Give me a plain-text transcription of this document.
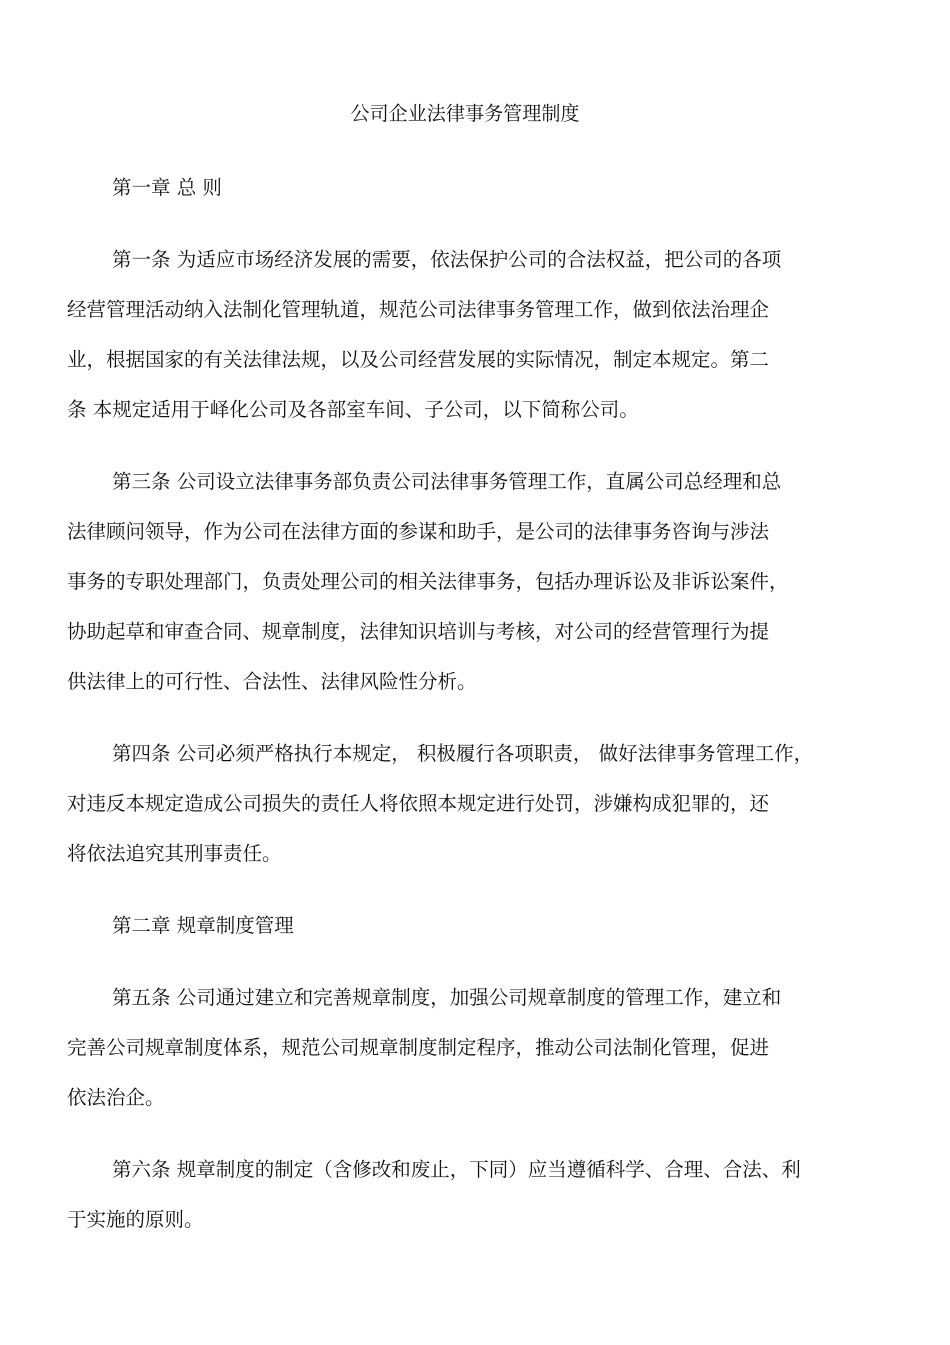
公司企业法律事务管理制度

第一章 总 则

第一条 为适应市场经济发展的需要，依法保护公司的合法权益，把公司的各项

经营管理活动纳入法制化管理轨道，规范公司法律事务管理工作，做到依法治理企

业，根据国家的有关法律法规，以及公司经营发展的实际情况，制定本规定。第二

条 本规定适用于峄化公司及各部室车间、子公司，以下简称公司。

第三条 公司设立法律事务部负责公司法律事务管理工作，直属公司总经理和总

法律顾问领导，作为公司在法律方面的参谋和助手，是公司的法律事务咨询与涉法

事务的专职处理部门，负责处理公司的相关法律事务，包括办理诉讼及非诉讼案件，

协助起草和审查合同、规章制度，法律知识培训与考核，对公司的经营管理行为提

供法律上的可行性、合法性、法律风险性分析。

第四条 公司必须严格执行本规定， 积极履行各项职责， 做好法律事务管理工作，

对违反本规定造成公司损失的责任人将依照本规定进行处罚，涉嫌构成犯罪的，还

将依法追究其刑事责任。

第二章 规章制度管理

第五条 公司通过建立和完善规章制度，加强公司规章制度的管理工作，建立和

完善公司规章制度体系，规范公司规章制度制定程序，推动公司法制化管理，促进

依法治企。

第六条 规章制度的制定（含修改和废止，下同）应当遵循科学、合理、合法、利

于实施的原则。
